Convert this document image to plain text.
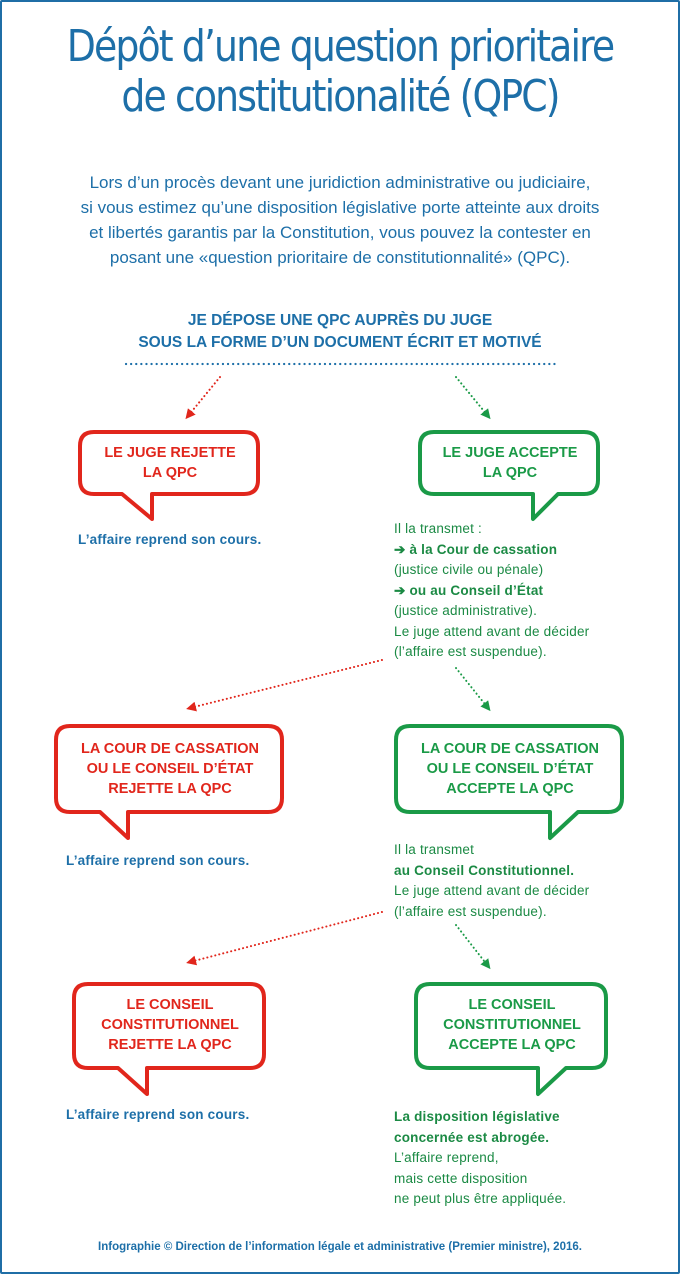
Dépôt d’une question prioritaire
de constitutionalité (QPC)
Lors d’un procès devant une juridiction administrative ou judiciaire,
si vous estimez qu’une disposition législative porte atteinte aux droits
et libertés garantis par la Constitution, vous pouvez la contester en
posant une «question prioritaire de constitutionnalité» (QPC).
JE DÉPOSE UNE QPC AUPRÈS DU JUGE
SOUS LA FORME D’UN DOCUMENT ÉCRIT ET MOTIVÉ
LE JUGE REJETTE
LA QPC
LE JUGE ACCEPTE
LA QPC
LA COUR DE CASSATION
OU LE CONSEIL D’ÉTAT
REJETTE LA QPC
LA COUR DE CASSATION
OU LE CONSEIL D’ÉTAT
ACCEPTE LA QPC
LE CONSEIL
CONSTITUTIONNEL
REJETTE LA QPC
LE CONSEIL
CONSTITUTIONNEL
ACCEPTE LA QPC
L’affaire reprend son cours.
Il la transmet :
➔ à la Cour de cassation
(justice civile ou pénale)
➔ ou au Conseil d’État
(justice administrative).
Le juge attend avant de décider
(l’affaire est suspendue).
L’affaire reprend son cours.
Il la transmet
au Conseil Constitutionnel.
Le juge attend avant de décider
(l’affaire est suspendue).
L’affaire reprend son cours.	La disposition législative
concernée est abrogée.
L’affaire reprend,
mais cette disposition
ne peut plus être appliquée.
Infographie © Direction de l’information légale et administrative (Premier ministre), 2016.
